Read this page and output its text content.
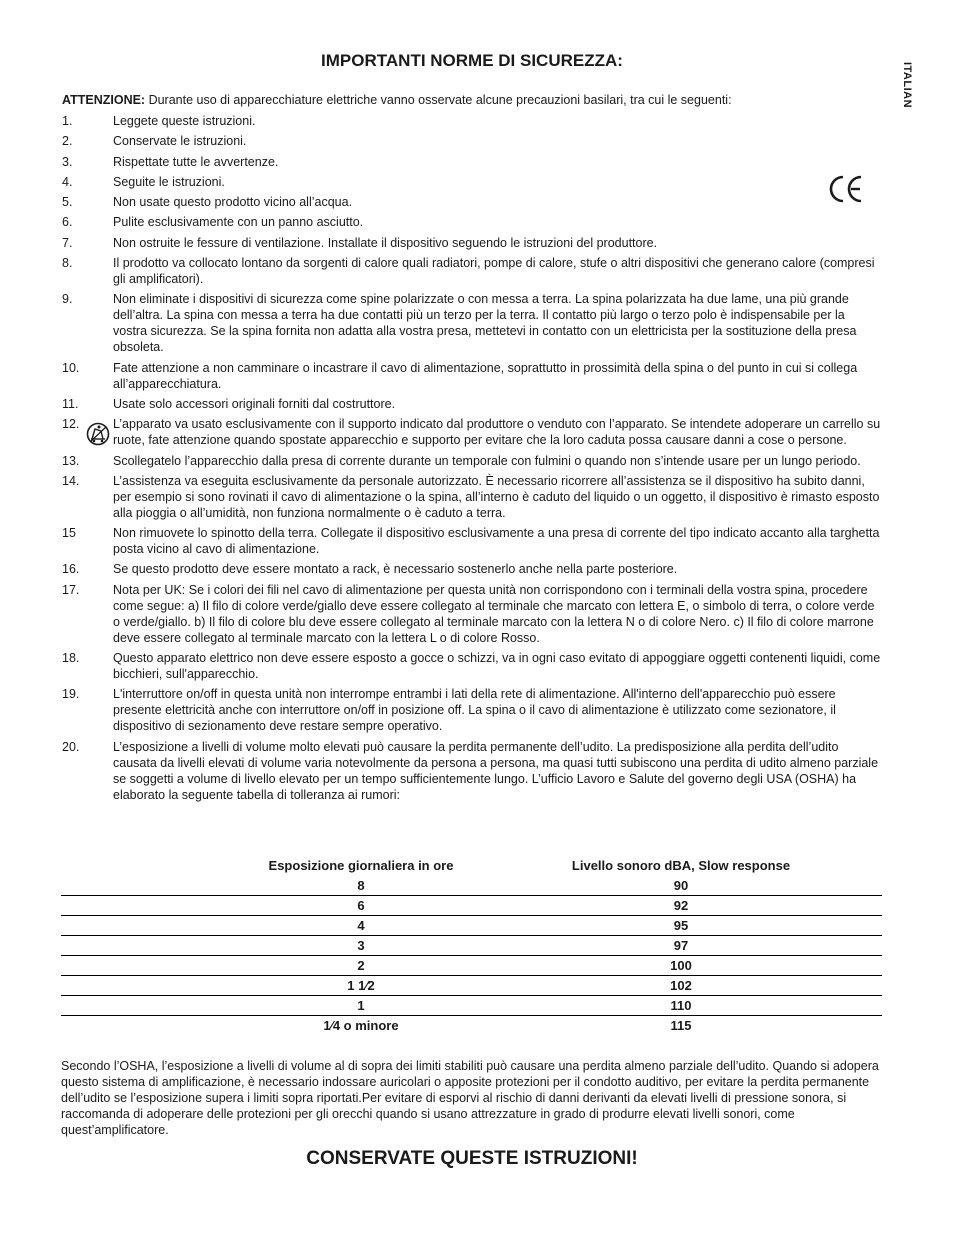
ITALIAN
IMPORTANTI NORME DI SICUREZZA:

ATTENZIONE: Durante uso di apparecchiature elettriche vanno osservate alcune precauzioni basilari, tra cui le seguenti:

1.	Leggete queste istruzioni.
2.	Conservate le istruzioni.
3.	Rispettate tutte le avvertenze.
4.	Seguite le istruzioni.
5.	Non usate questo prodotto vicino all’acqua.
6.	Pulite esclusivamente con un panno asciutto.
7.	Non ostruite le fessure di ventilazione. Installate il dispositivo seguendo le istruzioni del produttore.
8.	Il prodotto va collocato lontano da sorgenti di calore quali radiatori, pompe di calore, stufe o altri dispositivi che generano calore (compresi gli amplificatori).
9.	Non eliminate i dispositivi di sicurezza come spine polarizzate o con messa a terra. La spina polarizzata ha due lame, una più grande dell’altra. La spina con messa a terra ha due contatti più un terzo per la terra. Il contatto più largo o terzo polo è indispensabile per la vostra sicurezza. Se la spina fornita non adatta alla vostra presa, mettetevi in contatto con un elettricista per la sostituzione della presa obsoleta.
10.	Fate attenzione a non camminare o incastrare il cavo di alimentazione, soprattutto in prossimità della spina o del punto in cui si collega all’apparecchiatura.
11.	Usate solo accessori originali forniti dal costruttore.
12.	L’apparato va usato esclusivamente con il supporto indicato dal produttore o venduto con l’apparato. Se intendete adoperare un carrello su ruote, fate attenzione quando spostate apparecchio e supporto per evitare che la loro caduta possa causare danni a cose o persone.
13.	Scollegatelo l’apparecchio dalla presa di corrente durante un temporale con fulmini o quando non s’intende usare per un lungo periodo.
14.	L’assistenza va eseguita esclusivamente da personale autorizzato. È necessario ricorrere all’assistenza se il dispositivo ha subito danni, per esempio si sono rovinati il cavo di alimentazione o la spina, all’interno è caduto del liquido o un oggetto, il dispositivo è rimasto esposto alla pioggia o all’umidità, non funziona normalmente o è caduto a terra.
15	Non rimuovete lo spinotto della terra. Collegate il dispositivo esclusivamente a una presa di corrente del tipo indicato accanto alla targhetta posta vicino al cavo di alimentazione.
16.	Se questo prodotto deve essere montato a rack, è necessario sostenerlo anche nella parte posteriore.
17.	Nota per UK: Se i colori dei fili nel cavo di alimentazione per questa unità non corrispondono con i terminali della vostra spina, procedere come segue: a) Il filo di colore verde/giallo deve essere collegato al terminale che marcato con lettera E, o simbolo di terra, o colore verde o verde/giallo. b) Il filo di colore blu deve essere collegato al terminale marcato con la lettera N o di colore Nero. c) Il filo di colore marrone deve essere collegato al terminale marcato con la lettera L o di colore Rosso.
18.	Questo apparato elettrico non deve essere esposto a gocce o schizzi, va in ogni caso evitato di appoggiare oggetti contenenti liquidi, come bicchieri, sull'apparecchio.
19.	L'interruttore on/off in questa unità non interrompe entrambi i lati della rete di alimentazione. All'interno dell'apparecchio può essere presente elettricità anche con interruttore on/off in posizione off. La spina o il cavo di alimentazione è utilizzato come sezionatore, il dispositivo di sezionamento deve restare sempre operativo.
20.	L’esposizione a livelli di volume molto elevati può causare la perdita permanente dell’udito. La predisposizione alla perdita dell’udito causata da livelli elevati di volume varia notevolmente da persona a persona, ma quasi tutti subiscono una perdita di udito almeno parziale se soggetti a volume di livello elevato per un tempo sufficientemente lungo. L’ufficio Lavoro e Salute del governo degli USA (OSHA) ha elaborato la seguente tabella di tolleranza ai rumori:
Esposizione giornaliera in ore	Livello sonoro dBA, Slow response
8	90
6	92
4	95
3	97
2	100
1 1⁄2	102
1	110
1⁄4 o minore	115

Secondo l’OSHA, l’esposizione a livelli di volume al di sopra dei limiti stabiliti può causare una perdita almeno parziale dell’udito. Quando si adopera questo sistema di amplificazione, è necessario indossare auricolari o apposite protezioni per il condotto auditivo, per evitare la perdita permanente dell’udito se l’esposizione supera i limiti sopra riportati.Per evitare di esporvi al rischio di danni derivanti da elevati livelli di pressione sonora, si raccomanda di adoperare delle protezioni per gli orecchi quando si usano attrezzature in grado di produrre elevati livelli sonori, come quest’amplificatore.

CONSERVATE QUESTE ISTRUZIONI!
